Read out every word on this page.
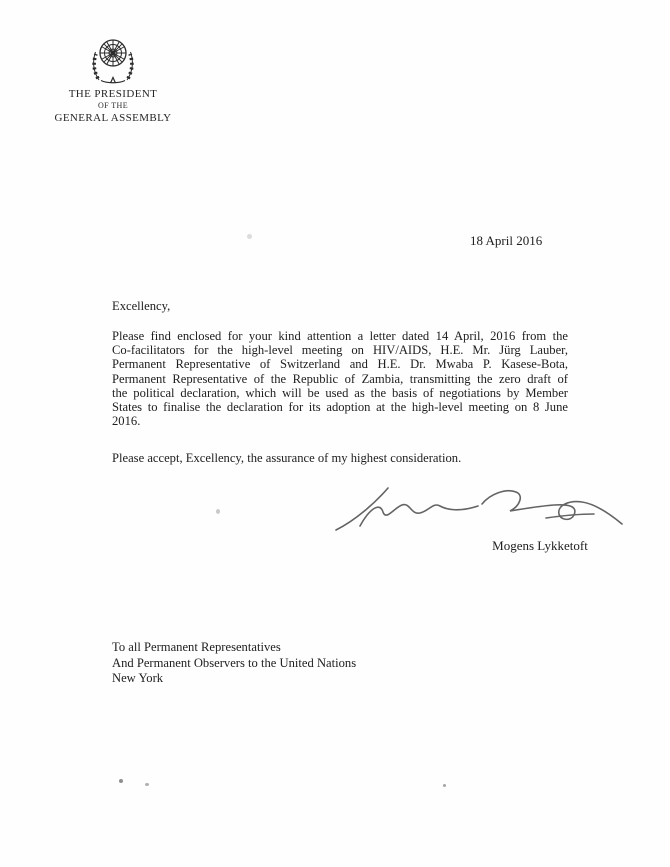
THE PRESIDENT
OF THE
GENERAL ASSEMBLY
18 April 2016
Excellency,
Please find enclosed for your kind attention a letter dated 14 April, 2016 from the Co-facilitators for the high-level meeting on HIV/AIDS, H.E. Mr. Jürg Lauber, Permanent Representative of Switzerland and H.E. Dr. Mwaba P. Kasese-Bota, Permanent Representative of the Republic of Zambia, transmitting the zero draft of the political declaration, which will be used as the basis of negotiations by Member States to finalise the declaration for its adoption at the high-level meeting on 8 June 2016.
Please accept, Excellency, the assurance of my highest consideration.
Mogens Lykketoft
To all Permanent Representatives
And Permanent Observers to the United Nations
New York
